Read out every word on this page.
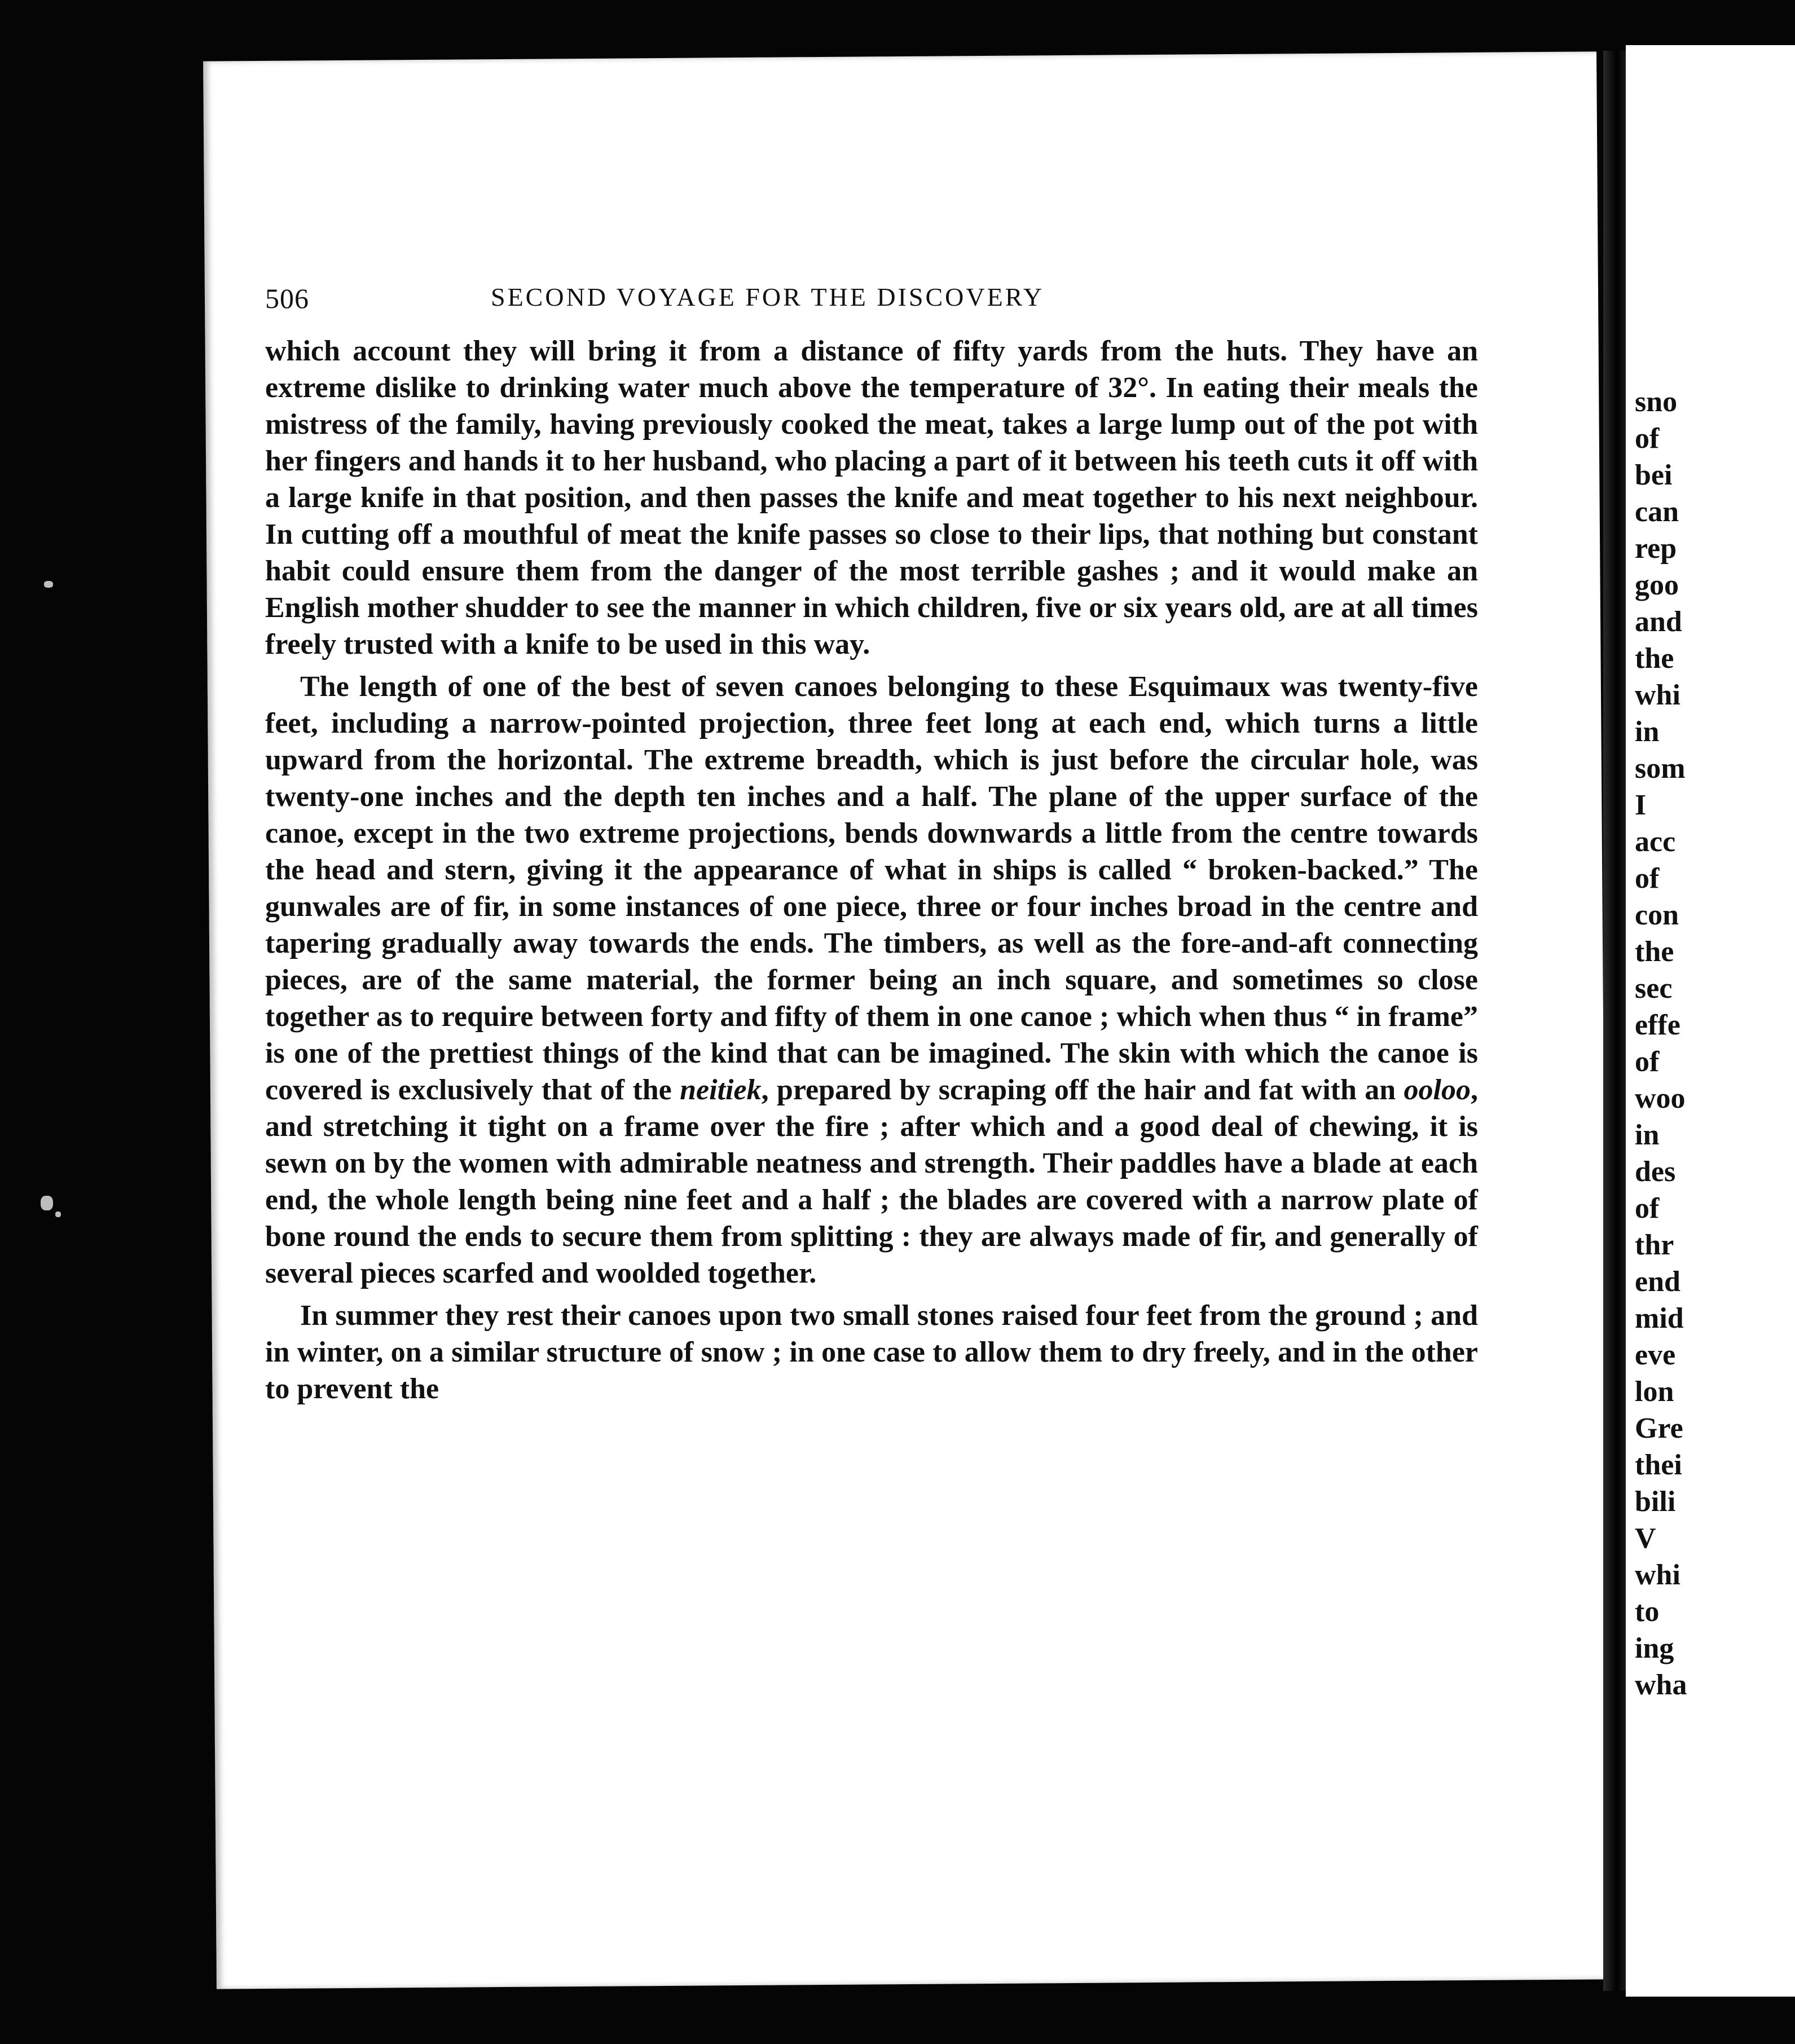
sno
of
bei
can
rep
goo
and
the
whi
in
som
I
acc
of
con
the
sec
effe
of
woo
in
des
of
thr
end
mid
eve
lon
Gre
thei
bili
V
whi
to
ing
wha
506	SECOND VOYAGE FOR THE DISCOVERY

which account they will bring it from a distance of fifty yards from the huts. They have an extreme dislike to drinking water much above the temperature of 32°. In eating their meals the mistress of the family, having previously cooked the meat, takes a large lump out of the pot with her fingers and hands it to her husband, who placing a part of it between his teeth cuts it off with a large knife in that position, and then passes the knife and meat together to his next neighbour. In cutting off a mouthful of meat the knife passes so close to their lips, that nothing but constant habit could ensure them from the danger of the most terrible gashes ; and it would make an English mother shudder to see the manner in which children, five or six years old, are at all times freely trusted with a knife to be used in this way.

The length of one of the best of seven canoes belonging to these Esquimaux was twenty-five feet, including a narrow-pointed projection, three feet long at each end, which turns a little upward from the horizontal. The extreme breadth, which is just before the circular hole, was twenty-one inches and the depth ten inches and a half. The plane of the upper surface of the canoe, except in the two extreme projections, bends downwards a little from the centre towards the head and stern, giving it the appearance of what in ships is called “ broken-backed.” The gunwales are of fir, in some instances of one piece, three or four inches broad in the centre and tapering gradually away towards the ends. The timbers, as well as the fore-and-aft connecting pieces, are of the same material, the former being an inch square, and sometimes so close together as to require between forty and fifty of them in one canoe ; which when thus “ in frame” is one of the prettiest things of the kind that can be imagined. The skin with which the canoe is covered is exclusively that of the neitiek, prepared by scraping off the hair and fat with an ooloo, and stretching it tight on a frame over the fire ; after which and a good deal of chewing, it is sewn on by the women with admirable neatness and strength. Their paddles have a blade at each end, the whole length being nine feet and a half ; the blades are covered with a narrow plate of bone round the ends to secure them from splitting : they are always made of fir, and generally of several pieces scarfed and woolded together.

In summer they rest their canoes upon two small stones raised four feet from the ground ; and in winter, on a similar structure of snow ; in one case to allow them to dry freely, and in the other to prevent the
